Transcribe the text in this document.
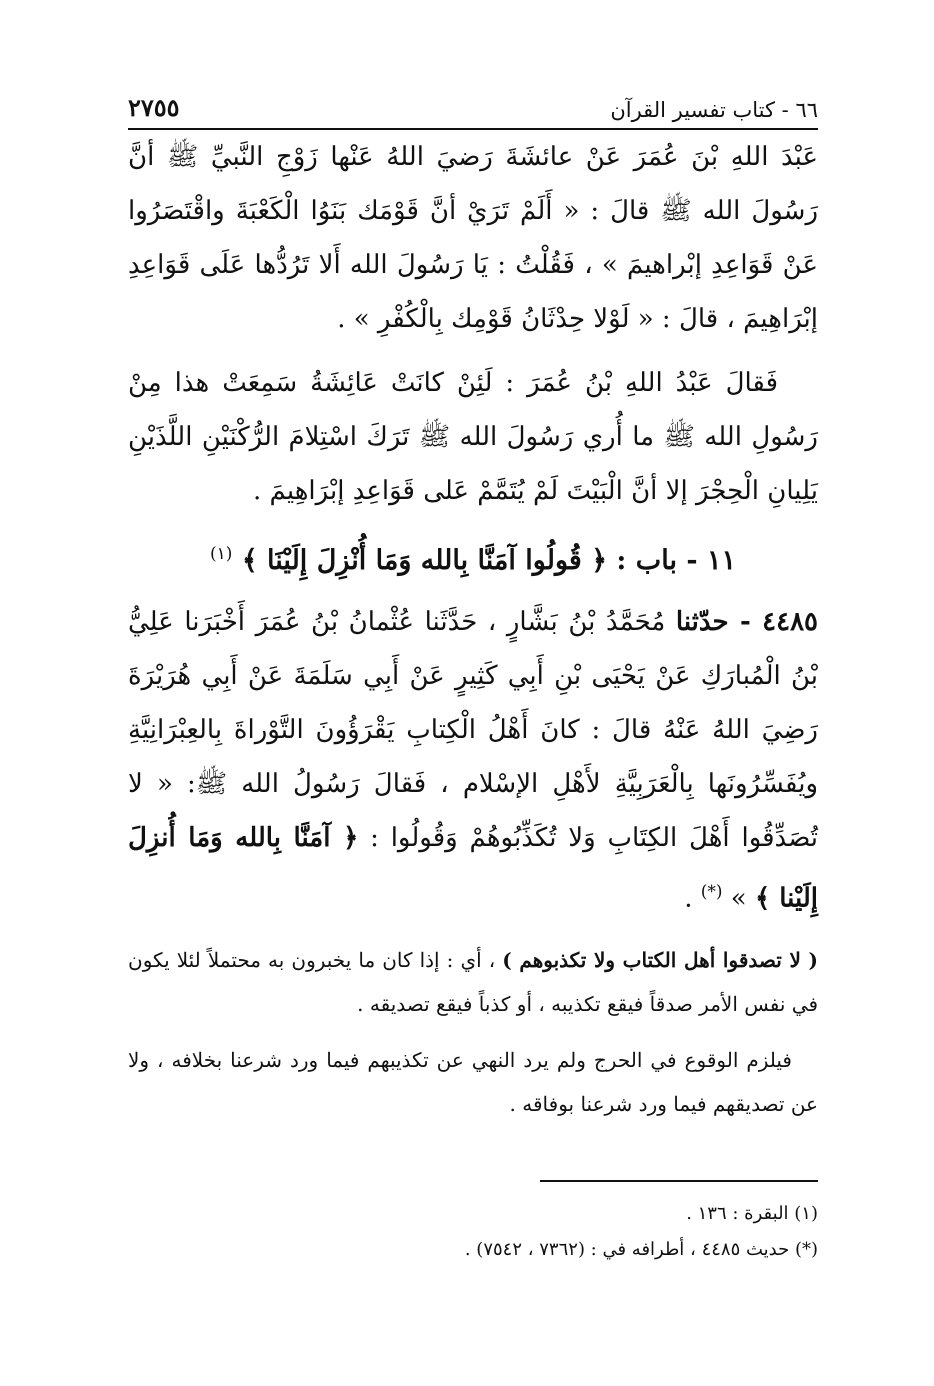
٦٦ - كتاب تفسير القرآن
٢٧٥٥

عَبْدَ اللهِ بْنَ عُمَرَ عَنْ عائشَةَ رَضيَ اللهُ عَنْها زَوْجِ النَّبيِّ ﷺ أنَّ رَسُولَ الله ﷺ قالَ : « أَلَمْ تَرَيْ أنَّ قَوْمَك بَنَوُا الْكَعْبَةَ واقْتَصَرُوا عَنْ قَوَاعِدِ إبْراهيمَ » ، فَقُلْتُ : يَا رَسُولَ الله أَلا تَرُدُّها عَلَى قَوَاعِدِ إبْرَاهِيمَ ، قالَ : « لَوْلا حِدْثَانُ قَوْمِك بِالْكُفْرِ » .

فَقالَ عَبْدُ اللهِ بْنُ عُمَرَ : لَئِنْ كانَتْ عَائِشَةُ سَمِعَتْ هذا مِنْ رَسُولِ الله ﷺ ما أُري رَسُولَ الله ﷺ تَرَكَ اسْتِلامَ الرُّكْنَيْنِ اللَّذَيْنِ يَلِيانِ الْحِجْرَ إلا أنَّ الْبَيْتَ لَمْ يُتَمَّمْ عَلى قَوَاعِدِ إبْرَاهِيمَ .

١١ - باب : ﴿ قُولُوا آمَنَّا بِالله وَمَا أُنْزِلَ إِلَيْنَا ﴾ $^{(١)}$

٤٤٨٥ - حدّثنا مُحَمَّدُ بْنُ بَشَّارٍ ، حَدَّثَنا عُثْمانُ بْنُ عُمَرَ أَخْبَرَنا عَلِيُّ بْنُ الْمُبارَكِ عَنْ يَحْيَى بْنِ أَبِي كَثِيرٍ عَنْ أَبِي سَلَمَةَ عَنْ أَبِي هُرَيْرَةَ رَضِيَ اللهُ عَنْهُ قالَ : كانَ أَهْلُ الْكِتابِ يَقْرَؤُونَ التَّوْراةَ بِالعِبْرَانِيَّةِ ويُفَسِّرُونَها بِالْعَرَبِيَّةِ لأَهْلِ الإسْلام ، فَقالَ رَسُولُ الله ﷺ: « لا تُصَدِّقُوا أَهْلَ الكِتَابِ وَلا تُكَذِّبُوهُمْ وَقُولُوا : ﴿ آمَنَّا بِالله وَمَا أُنزِلَ إِلَيْنا ﴾ » (*) .

( لا تصدقوا أهل الكتاب ولا تكذبوهم ) ، أي : إذا كان ما يخبرون به محتملاً لئلا يكون في نفس الأمر صدقاً فيقع تكذيبه ، أو كذباً فيقع تصديقه .

فيلزم الوقوع في الحرج ولم يرد النهي عن تكذيبهم فيما ورد شرعنا بخلافه ، ولا عن تصديقهم فيما ورد شرعنا بوفاقه .

(١) البقرة : ١٣٦ .

(*) حديث ٤٤٨٥ ، أطرافه في : (٧٣٦٢ ، ٧٥٤٢) .
